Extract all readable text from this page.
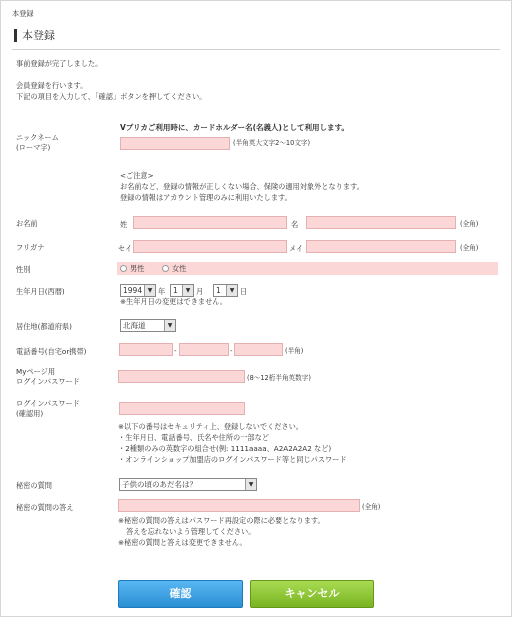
本登録
本登録
事前登録が完了しました。
会員登録を行います。
下記の項目を入力して、「確認」ボタンを押してください。
Vプリカご利用時に、カードホルダー名(名義人)として利用します。
ニックネーム
(ローマ字)	(半角英大文字2〜10文字)
<ご注意>
お名前など、登録の情報が正しくない場合、保険の適用対象外となります。
登録の情報はアカウント管理のみに利用いたします。
お名前	姓	名	(全角)
フリガナ	セイ	メイ	(全角)
性別	男性	女性
生年月日(西暦)	1994 ▼ 年	1	▼ 月	1	▼ 日
※生年月日の変更はできません。
居住地(都道府県)	北海道	▼
電話番号(自宅or携帯)	-	-	(半角)
Myページ用
ログインパスワード	(8〜12桁半角英数字)
ログインパスワード
(確認用)
※以下の番号はセキュリティ上、登録しないでください。
・生年月日、電話番号、氏名や住所の一部など
・2種類のみの英数字の組合せ(例: 1111aaaa、A2A2A2A2 など)
・オンラインショップ加盟店のログインパスワード等と同じパスワード
秘密の質問	子供の頃のあだ名は？	▼
秘密の質問の答え	(全角)
※秘密の質問の答えはパスワード再設定の際に必要となります。
答えを忘れないよう管理してください。
※秘密の質問と答えは変更できません。
確認	キャンセル
